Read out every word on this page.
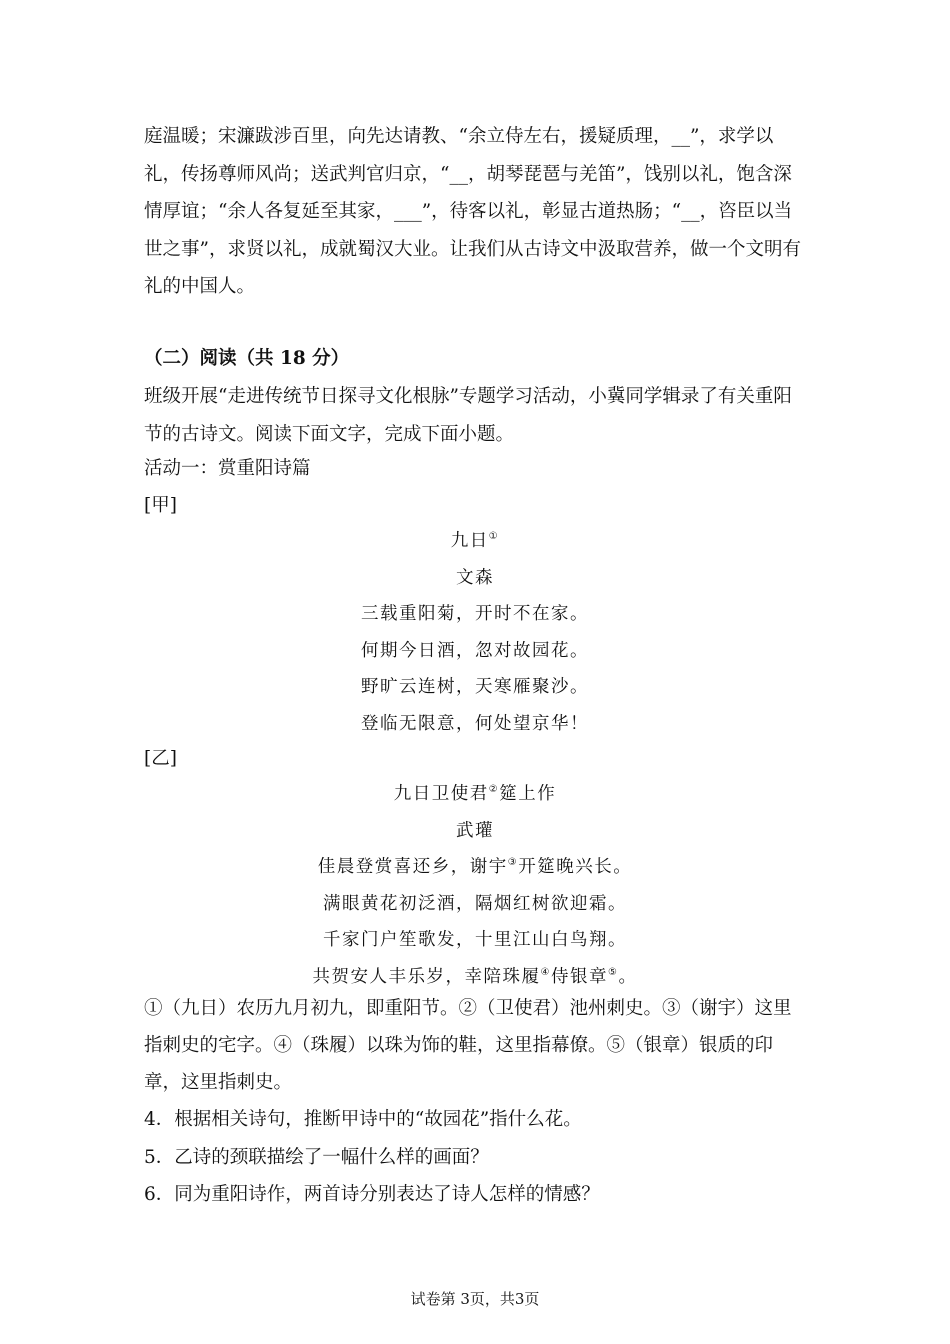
庭温暖；宋濂跋涉百里，向先达请教、“余立侍左右，援疑质理，__”，求学以礼，传扬尊师风尚；送武判官归京，“__，胡琴琵琶与羌笛”，饯别以礼，饱含深情厚谊；“余人各复延至其家，___”，待客以礼，彰显古道热肠；“__，咨臣以当世之事”，求贤以礼，成就蜀汉大业。让我们从古诗文中汲取营养，做一个文明有礼的中国人。

（二）阅读（共 18 分）

班级开展“走进传统节日探寻文化根脉”专题学习活动，小冀同学辑录了有关重阳节的古诗文。阅读下面文字，完成下面小题。

活动一：赏重阳诗篇
[甲]
九日①
文森
三载重阳菊，开时不在家。
何期今日酒，忽对故园花。
野旷云连树，天寒雁聚沙。
登临无限意，何处望京华！
[乙]
九日卫使君②筵上作
武瓘
佳晨登赏喜还乡，谢宇③开筵晚兴长。
满眼黄花初泛酒，隔烟红树欲迎霜。
千家门户笙歌发，十里江山白鸟翔。
共贺安人丰乐岁，幸陪珠履④侍银章⑤。

①（九日）农历九月初九，即重阳节。②（卫使君）池州刺史。③（谢宇）这里指刺史的宅字。④（珠履）以珠为饰的鞋，这里指幕僚。⑤（银章）银质的印章，这里指刺史。

4．根据相关诗句，推断甲诗中的“故园花”指什么花。
5．乙诗的颈联描绘了一幅什么样的画面？
6．同为重阳诗作，两首诗分别表达了诗人怎样的情感？
试卷第 3页，共3页
